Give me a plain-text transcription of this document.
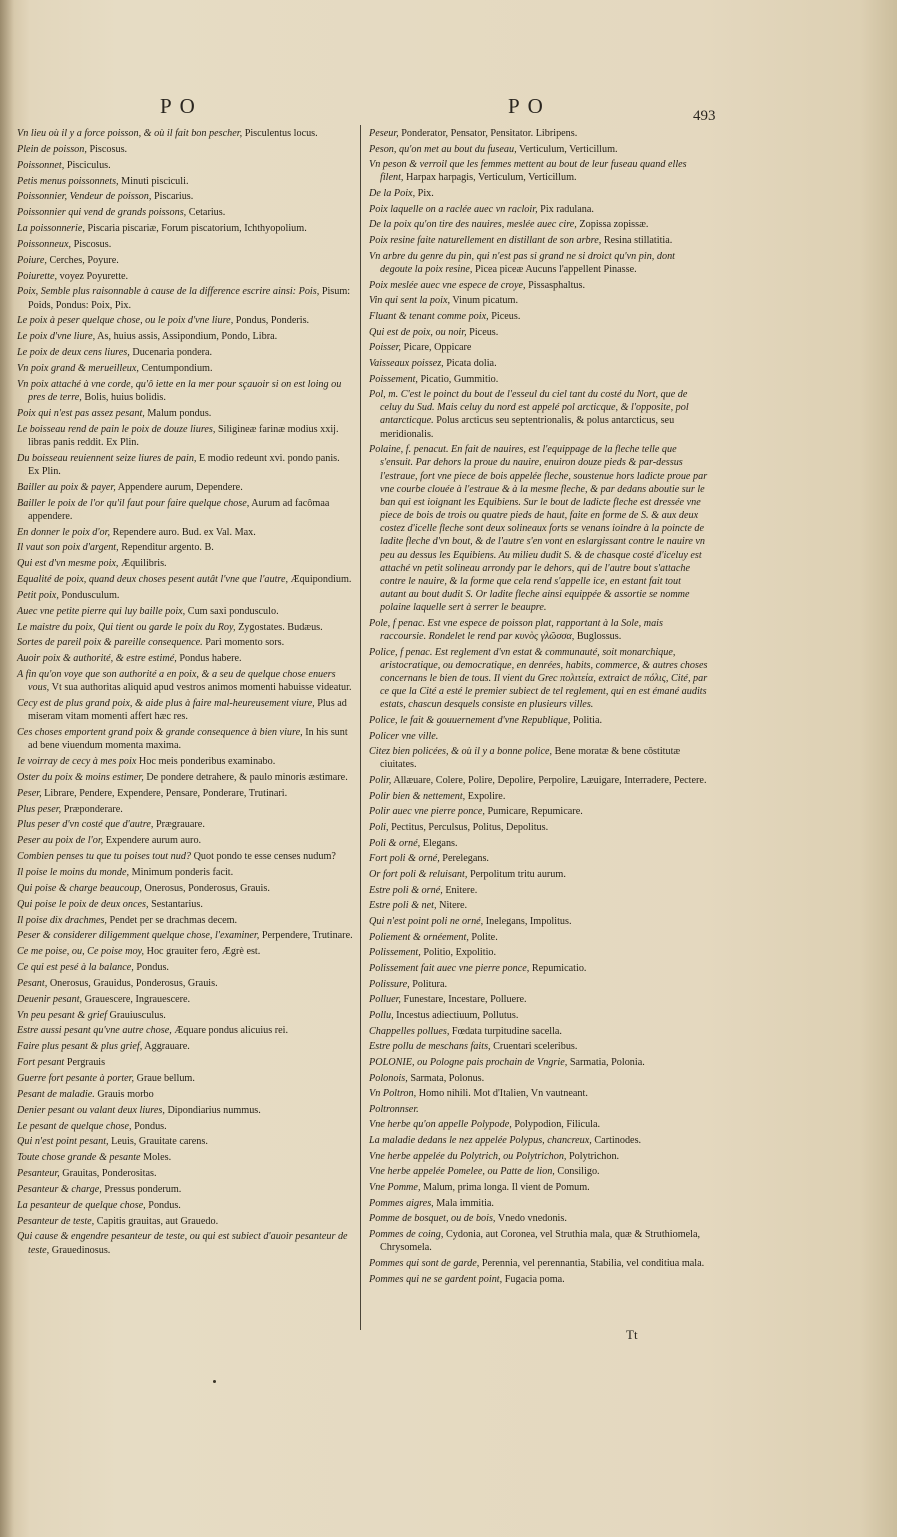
PO	PO	493
Vn lieu où il y a force poisson, & où il fait bon pescher, Pisculentus locus.
Plein de poisson, Piscosus.
Poissonnet, Pisciculus.
Petis menus poissonnets, Minuti pisciculi.
Poissonnier, Vendeur de poisson, Piscarius.
Poissonnier qui vend de grands poissons, Cetarius.
La poissonnerie, Piscaria piscariæ, Forum piscatorium, Ichthyopolium.
Poissonneux, Piscosus.
Poiure, Cerches, Poyure.
Poiurette, voyez Poyurette.
Poix, Semble plus raisonnable à cause de la difference escrire ainsi: Pois, Pisum: Poids, Pondus: Poix, Pix.
Le poix à peser quelque chose, ou le poix d'vne liure, Pondus, Ponderis.
Le poix d'vne liure, As, huius assis, Assipondium, Pondo, Libra.
Le poix de deux cens liures, Ducenaria pondera.
Vn poix grand & merueilleux, Centumpondium.
Vn poix attaché à vne corde, qu'ô iette en la mer pour sçauoir si on est loing ou pres de terre, Bolis, huius bolidis.
Poix qui n'est pas assez pesant, Malum pondus.
Le boisseau rend de pain le poix de douze liures, Siligineæ farinæ modius xxij. libras panis reddit. Ex Plin.
Du boisseau reuiennent seize liures de pain, E modio redeunt xvi. pondo panis. Ex Plin.
Bailler au poix & payer, Appendere aurum, Dependere.
Bailler le poix de l'or qu'il faut pour faire quelque chose, Aurum ad facômaa appendere.
En donner le poix d'or, Rependere auro. Bud. ex Val. Max.
Il vaut son poix d'argent, Rependitur argento. B.
Qui est d'vn mesme poix, Æquilibris.
Equalité de poix, quand deux choses pesent autât l'vne que l'autre, Æquipondium.
Petit poix, Pondusculum.
Auec vne petite pierre qui luy baille poix, Cum saxi pondusculo.
Le maistre du poix, Qui tient ou garde le poix du Roy, Zygostates. Budæus.
Sortes de pareil poix & pareille consequence. Pari momento sors.
Auoir poix & authorité, & estre estimé, Pondus habere.
A fin qu'on voye que son authorité a en poix, & a seu de quelque chose enuers vous, Vt sua authoritas aliquid apud vestros animos momenti habuisse videatur.
Cecy est de plus grand poix, & aide plus à faire mal-heureusement viure, Plus ad miseram vitam momenti affert hæc res.
Ces choses emportent grand poix & grande consequence à bien viure, In his sunt ad bene viuendum momenta maxima.
Ie voirray de cecy à mes poix Hoc meis ponderibus examinabo.
Oster du poix & moins estimer, De pondere detrahere, & paulo minoris æstimare.
Peser, Librare, Pendere, Expendere, Pensare, Ponderare, Trutinari.
Plus peser, Præponderare.
Plus peser d'vn costé que d'autre, Prægrauare.
Peser au poix de l'or, Expendere aurum auro.
Combien penses tu que tu poises tout nud? Quot pondo te esse censes nudum?
Il poise le moins du monde, Minimum ponderis facit.
Qui poise & charge beaucoup, Onerosus, Ponderosus, Grauis.
Qui poise le poix de deux onces, Sestantarius.
Il poise dix drachmes, Pendet per se drachmas decem.
Peser & considerer diligemment quelque chose, l'examiner, Perpendere, Trutinare.
Ce me poise, ou, Ce poise moy, Hoc grauiter fero, Ægrè est.
Ce qui est pesé à la balance, Pondus.
Pesant, Onerosus, Grauidus, Ponderosus, Grauis.
Deuenir pesant, Grauescere, Ingrauescere.
Vn peu pesant & grief Grauiusculus.
Estre aussi pesant qu'vne autre chose, Æquare pondus alicuius rei.
Faire plus pesant & plus grief, Aggrauare.
Fort pesant Pergrauis
Guerre fort pesante à porter, Graue bellum.
Pesant de maladie. Grauis morbo
Denier pesant ou valant deux liures, Dipondiarius nummus.
Le pesant de quelque chose, Pondus.
Qui n'est point pesant, Leuis, Grauitate carens.
Toute chose grande & pesante Moles.
Pesanteur, Grauitas, Ponderositas.
Pesanteur & charge, Pressus ponderum.
La pesanteur de quelque chose, Pondus.
Pesanteur de teste, Capitis grauitas, aut Grauedo.
Qui cause & engendre pesanteur de teste, ou qui est subiect d'auoir pesanteur de teste, Grauedinosus.
Peseur, Ponderator, Pensator, Pensitator. Libripens.
Peson, qu'on met au bout du fuseau, Verticulum, Verticillum.
Vn peson & verroil que les femmes mettent au bout de leur fuseau quand elles filent, Harpax harpagis, Verticulum, Verticillum.
De la Poix, Pix.
Poix laquelle on a raclée auec vn racloir, Pix radulana.
De la poix qu'on tire des nauires, meslée auec cire, Zopissa zopissæ.
Poix resine faite naturellement en distillant de son arbre, Resina stillatitia.
Vn arbre du genre du pin, qui n'est pas si grand ne si droict qu'vn pin, dont degoute la poix resine, Picea piceæ Aucuns l'appellent Pinasse.
Poix meslée auec vne espece de croye, Pissasphaltus.
Vin qui sent la poix, Vinum picatum.
Fluant & tenant comme poix, Piceus.
Qui est de poix, ou noir, Piceus.
Poisser, Picare, Oppicare
Vaisseaux poissez, Picata dolia.
Poissement, Picatio, Gummitio.
Pol, m. C'est le poinct du bout de l'esseul du ciel tant du costé du Nort, que de celuy du Sud. Mais celuy du nord est appelé pol arcticque, & l'opposite, pol antarcticque. Polus arcticus seu septentrionalis, & polus antarcticus, seu meridionalis.
Polaine, f. penacut. En fait de nauires, est l'equippage de la fleche telle que s'ensuit. Par dehors la proue du nauire, enuiron douze pieds & par-dessus l'estraue, fort vne piece de bois appelée fleche, soustenue hors ladicte proue par vne courbe clouée à l'estraue & à la mesme fleche, & par dedans aboutie sur le ban qui est ioignant les Equibiens. Sur le bout de ladicte fleche est dressée vne piece de bois de trois ou quatre pieds de haut, faite en forme de S. & aux deux costez d'icelle fleche sont deux solineaux forts se venans ioindre à la poincte de ladite fleche d'vn bout, & de l'autre s'en vont en eslargissant contre le nauire vn peu au dessus les Equibiens. Au milieu dudit S. & de chasque costé d'iceluy est attaché vn petit solineau arrondy par le dehors, qui de l'autre bout s'attache contre le nauire, & la forme que cela rend s'appelle ice, en estant fait tout autant au bout dudit S. Or ladite fleche ainsi equippée & assortie se nomme polaine laquelle sert à serrer le beaupre.
Pole, f penac. Est vne espece de poisson plat, rapportant à la Sole, mais raccoursie. Rondelet le rend par κυνὸς γλῶσσα, Buglossus.
Police, f penac. Est reglement d'vn estat & communauté, soit monarchique, aristocratique, ou democratique, en denrées, habits, commerce, & autres choses concernans le bien de tous. Il vient du Grec πολιτεία, extraict de πόλις, Cité, par ce que la Cité a esté le premier subiect de tel reglement, qui en est émané audits estats, chascun desquels consiste en plusieurs villes.
Police, le fait & gouuernement d'vne Republique, Politia.
Policer vne ville.
Citez bien policées, & où il y a bonne police, Bene moratæ & bene cōstitutæ ciuitates.
Polir, Allæuare, Colere, Polire, Depolire, Perpolire, Læuigare, Interradere, Pectere.
Polir bien & nettement, Expolire.
Polir auec vne pierre ponce, Pumicare, Repumicare.
Poli, Pectitus, Perculsus, Politus, Depolitus.
Poli & orné, Elegans.
Fort poli & orné, Perelegans.
Or fort poli & reluisant, Perpolitum tritu aurum.
Estre poli & orné, Enitere.
Estre poli & net, Nitere.
Qui n'est point poli ne orné, Inelegans, Impolitus.
Poliement & ornéement, Polite.
Polissement, Politio, Expolitio.
Polissement fait auec vne pierre ponce, Repumicatio.
Polissure, Politura.
Polluer, Funestare, Incestare, Polluere.
Pollu, Incestus adiectiuum, Pollutus.
Chappelles pollues, Fœdata turpitudine sacella.
Estre pollu de meschans faits, Cruentari sceleribus.
POLONIE, ou Pologne pais prochain de Vngrie, Sarmatia, Polonia.
Polonois, Sarmata, Polonus.
Vn Poltron, Homo nihili. Mot d'Italien, Vn vautneant.
Poltronnser.
Vne herbe qu'on appelle Polypode, Polypodion, Filicula.
La maladie dedans le nez appelée Polypus, chancreux, Cartinodes.
Vne herbe appelée du Polytrich, ou Polytrichon, Polytrichon.
Vne herbe appelée Pomelee, ou Patte de lion, Consiligo.
Vne Pomme, Malum, prima longa. Il vient de Pomum.
Pommes aigres, Mala immitia.
Pomme de bosquet, ou de bois, Vnedo vnedonis.
Pommes de coing, Cydonia, aut Coronea, vel Struthia mala, quæ & Struthiomela, Chrysomela.
Pommes qui sont de garde, Perennia, vel perennantia, Stabilia, vel conditiua mala.
Pommes qui ne se gardent point, Fugacia poma.
Tt
